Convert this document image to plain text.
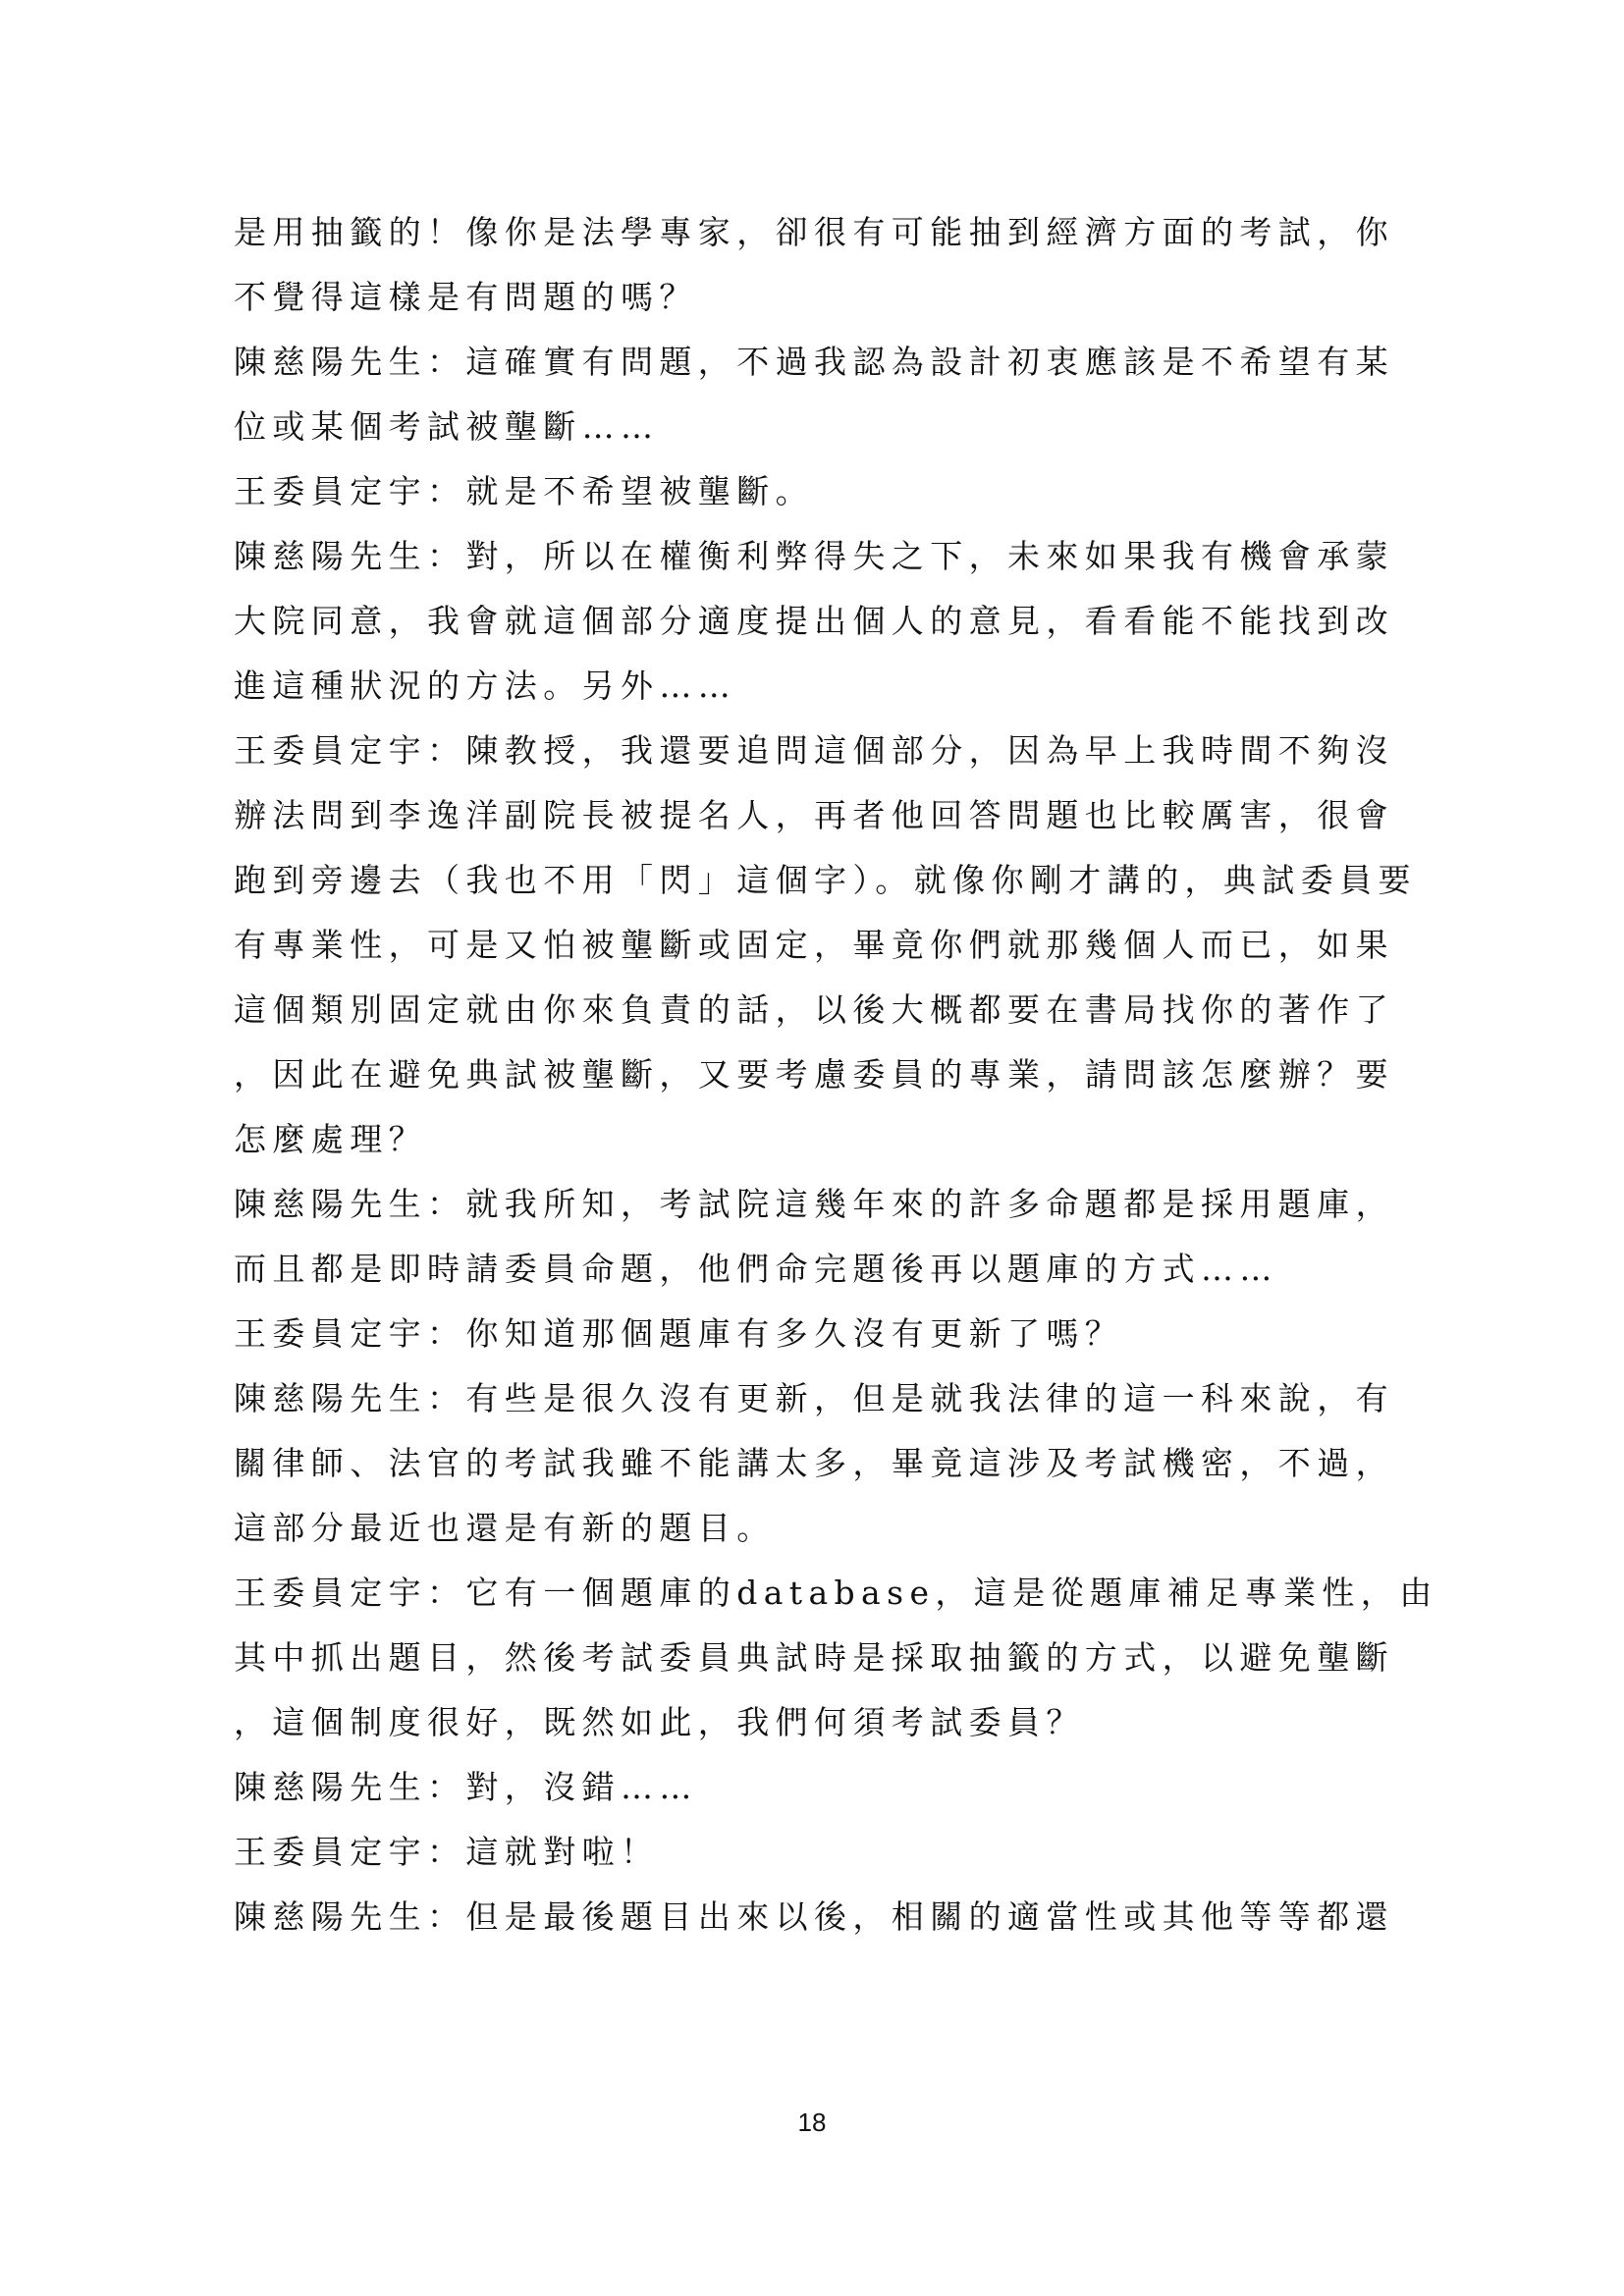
是用抽籤的！像你是法學專家，卻很有可能抽到經濟方面的考試，你
不覺得這樣是有問題的嗎？
陳慈陽先生：這確實有問題，不過我認為設計初衷應該是不希望有某
位或某個考試被壟斷……
王委員定宇：就是不希望被壟斷。
陳慈陽先生：對，所以在權衡利弊得失之下，未來如果我有機會承蒙
大院同意，我會就這個部分適度提出個人的意見，看看能不能找到改
進這種狀況的方法。另外……
王委員定宇：陳教授，我還要追問這個部分，因為早上我時間不夠沒
辦法問到李逸洋副院長被提名人，再者他回答問題也比較厲害，很會
跑到旁邊去（我也不用「閃」這個字）。就像你剛才講的，典試委員要
有專業性，可是又怕被壟斷或固定，畢竟你們就那幾個人而已，如果
這個類別固定就由你來負責的話，以後大概都要在書局找你的著作了
，因此在避免典試被壟斷，又要考慮委員的專業，請問該怎麼辦？要
怎麼處理？
陳慈陽先生：就我所知，考試院這幾年來的許多命題都是採用題庫，
而且都是即時請委員命題，他們命完題後再以題庫的方式……
王委員定宇：你知道那個題庫有多久沒有更新了嗎？
陳慈陽先生：有些是很久沒有更新，但是就我法律的這一科來說，有
關律師、法官的考試我雖不能講太多，畢竟這涉及考試機密，不過，
這部分最近也還是有新的題目。
王委員定宇：它有一個題庫的database，這是從題庫補足專業性，由
其中抓出題目，然後考試委員典試時是採取抽籤的方式，以避免壟斷
，這個制度很好，既然如此，我們何須考試委員？
陳慈陽先生：對，沒錯……
王委員定宇：這就對啦！
陳慈陽先生：但是最後題目出來以後，相關的適當性或其他等等都還
18
